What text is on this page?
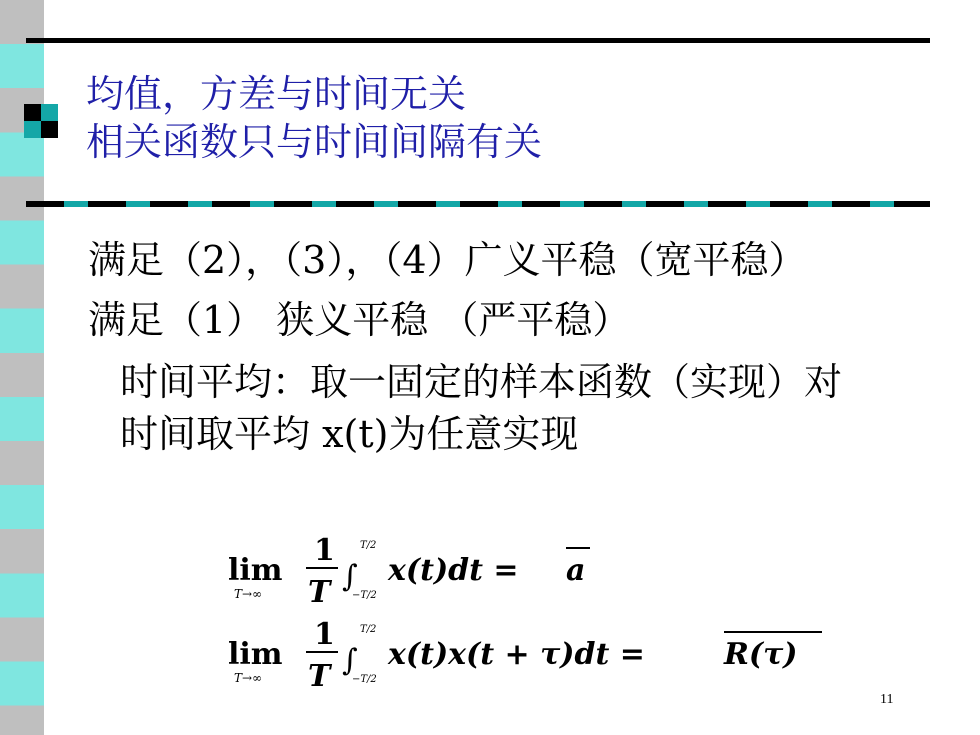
均值，方差与时间无关
相关函数只与时间间隔有关
满足（2），（3），（4）广义平稳（宽平稳）
满足（1） 狭义平稳 （严平稳）
时间平均：取一固定的样本函数（实现）对
时间取平均 x(t)为任意实现
lim
T→∞
1
T ∫
T/2
−T/2
x(t)dt = a
lim
T→∞
1
T ∫
T/2
−T/2
x(t)x(t + τ)dt =	R(τ)
11
